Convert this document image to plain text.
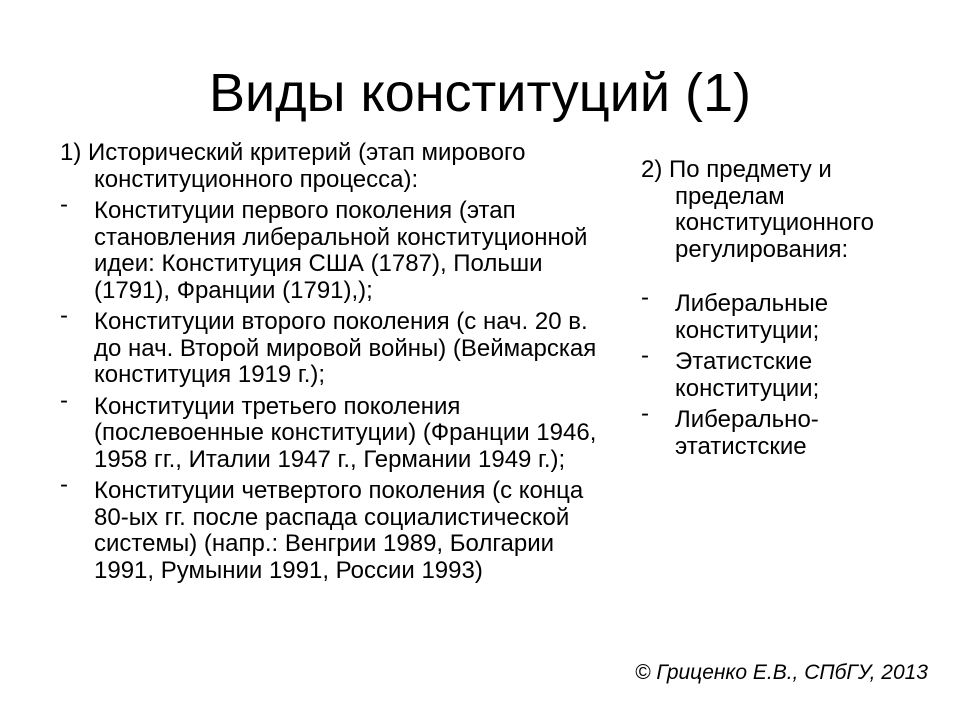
Виды конституций (1)

1) Исторический критерий (этап мирового конституционного процесса):

- Конституции первого поколения (этап становления либеральной конституционной идеи: Конституция США (1787), Польши (1791), Франции (1791),);
- Конституции второго поколения (с нач. 20 в. до нач. Второй мировой войны) (Веймарская конституция 1919 г.);
- Конституции третьего поколения (послевоенные конституции) (Франции 1946, 1958 гг., Италии 1947 г., Германии 1949 г.);
- Конституции четвертого поколения (с конца 80-ых гг. после распада социалистической системы) (напр.: Венгрии 1989, Болгарии 1991, Румынии 1991, России 1993)

2) По предмету и пределам конституционного регулирования:

- Либеральные конституции;
- Этатистские конституции;
- Либерально-этатистские
© Гриценко Е.В., СПбГУ, 2013
